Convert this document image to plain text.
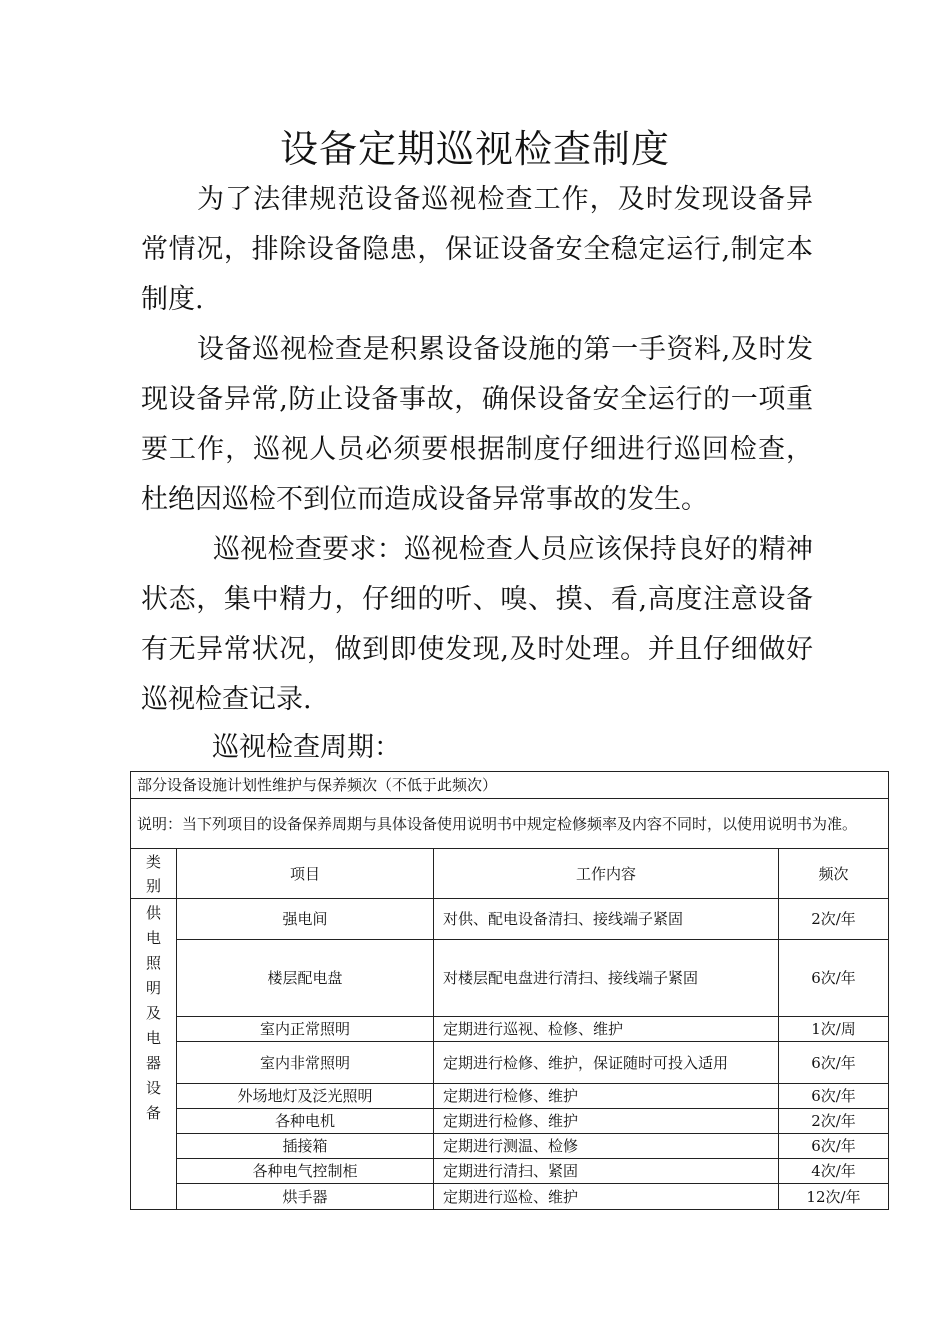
设备定期巡视检查制度
为了法律规范设备巡视检查工作，及时发现设备异常情况，排除设备隐患，保证设备安全稳定运行,制定本制度.
设备巡视检查是积累设备设施的第一手资料,及时发现设备异常,防止设备事故，确保设备安全运行的一项重要工作，巡视人员必须要根据制度仔细进行巡回检查，杜绝因巡检不到位而造成设备异常事故的发生。
巡视检查要求：巡视检查人员应该保持良好的精神状态，集中精力，仔细的听、嗅、摸、看,高度注意设备有无异常状况，做到即使发现,及时处理。并且仔细做好巡视检查记录.
巡视检查周期：
部分设备设施计划性维护与保养频次（不低于此频次）			
说明：当下列项目的设备保养周期与具体设备使用说明书中规定检修频率及内容不同时，以使用说明书为准。			
类别	项目	工作内容	频次
供电照明及电器设备	强电间	对供、配电设备清扫、接线端子紧固	2次/年
	楼层配电盘	对楼层配电盘进行清扫、接线端子紧固	6次/年
	室内正常照明	定期进行巡视、检修、维护	1次/周
	室内非常照明	定期进行检修、维护，保证随时可投入适用	6次/年
	外场地灯及泛光照明	定期进行检修、维护	6次/年
	各种电机	定期进行检修、维护	2次/年
	插接箱	定期进行测温、检修	6次/年
	各种电气控制柜	定期进行清扫、紧固	4次/年
	烘手器	定期进行巡检、维护	12次/年
